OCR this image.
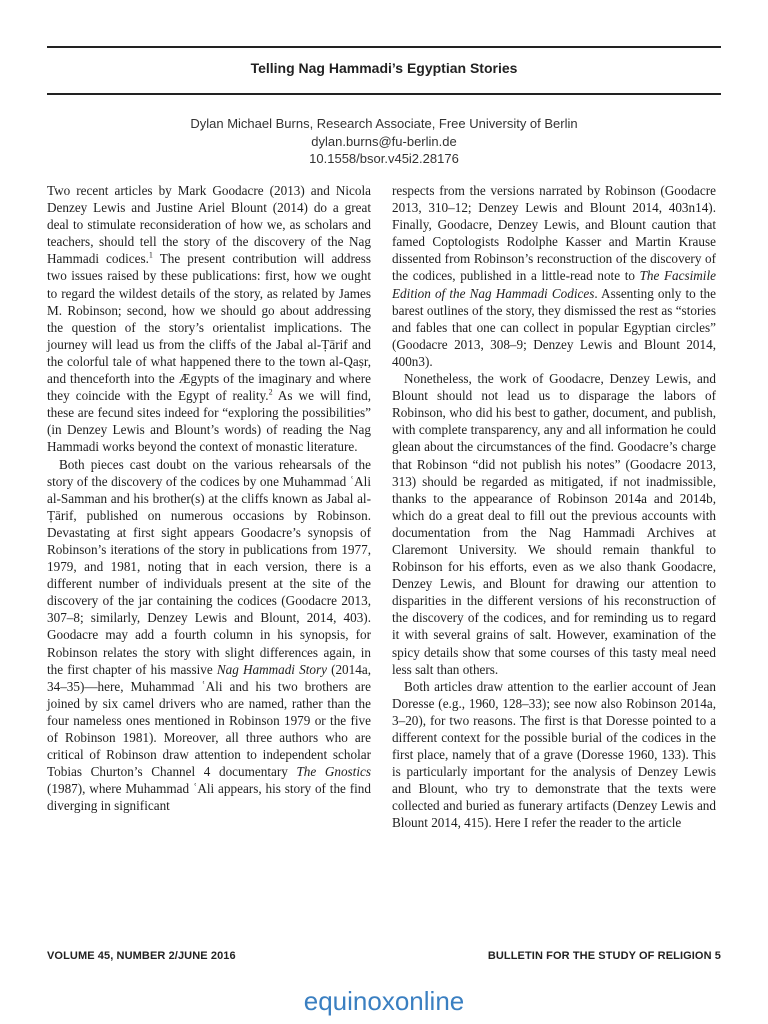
Telling Nag Hammadi’s Egyptian Stories
Dylan Michael Burns, Research Associate, Free University of Berlin
dylan.burns@fu-berlin.de
10.1558/bsor.v45i2.28176

Two recent articles by Mark Goodacre (2013) and Nicola Denzey Lewis and Justine Ariel Blount (2014) do a great deal to stimulate reconsideration of how we, as scholars and teachers, should tell the story of the discovery of the Nag Hammadi codices.$^1$ The present contribution will address two issues raised by these publications: first, how we ought to regard the wildest details of the story, as related by James M. Robinson; second, how we should go about addressing the question of the story’s orientalist implications. The journey will lead us from the cliffs of the Jabal al-Ṭārif and the colorful tale of what happened there to the town al-Qaṣr, and thenceforth into the Ægypts of the imaginary and where they coincide with the Egypt of reality.$^2$ As we will find, these are fecund sites indeed for “exploring the possibilities” (in Denzey Lewis and Blount’s words) of reading the Nag Hammadi works beyond the context of monastic literature.

Both pieces cast doubt on the various rehearsals of the story of the discovery of the codices by one Muhammad ʿAli al-Samman and his brother(s) at the cliffs known as Jabal al-Ṭārif, published on numerous occasions by Robinson. Devastating at first sight appears Goodacre’s synopsis of Robinson’s iterations of the story in publications from 1977, 1979, and 1981, noting that in each version, there is a different number of individuals present at the site of the discovery of the jar containing the codices (Goodacre 2013, 307–8; similarly, Denzey Lewis and Blount, 2014, 403). Goodacre may add a fourth column in his synopsis, for Robinson relates the story with slight differences again, in the first chapter of his massive Nag Hammadi Story (2014a, 34–35)—here, Muhammad ʿAli and his two brothers are joined by six camel drivers who are named, rather than the four nameless ones mentioned in Robinson 1979 or the five of Robinson 1981). Moreover, all three authors who are critical of Robinson draw attention to independent scholar Tobias Churton’s Channel 4 documentary The Gnostics (1987), where Muhammad ʿAli appears, his story of the find diverging in significant

respects from the versions narrated by Robinson (Goodacre 2013, 310–12; Denzey Lewis and Blount 2014, 403n14). Finally, Goodacre, Denzey Lewis, and Blount caution that famed Coptologists Rodolphe Kasser and Martin Krause dissented from Robinson’s reconstruction of the discovery of the codices, published in a little-read note to The Facsimile Edition of the Nag Hammadi Codices. Assenting only to the barest outlines of the story, they dismissed the rest as “stories and fables that one can collect in popular Egyptian circles” (Goodacre 2013, 308–9; Denzey Lewis and Blount 2014, 400n3).

Nonetheless, the work of Goodacre, Denzey Lewis, and Blount should not lead us to disparage the labors of Robinson, who did his best to gather, document, and publish, with complete transparency, any and all information he could glean about the circumstances of the find. Goodacre’s charge that Robinson “did not publish his notes” (Goodacre 2013, 313) should be regarded as mitigated, if not inadmissible, thanks to the appearance of Robinson 2014a and 2014b, which do a great deal to fill out the previous accounts with documentation from the Nag Hammadi Archives at Claremont University. We should remain thankful to Robinson for his efforts, even as we also thank Goodacre, Denzey Lewis, and Blount for drawing our attention to disparities in the different versions of his reconstruction of the discovery of the codices, and for reminding us to regard it with several grains of salt. However, examination of the spicy details show that some courses of this tasty meal need less salt than others.

Both articles draw attention to the earlier account of Jean Doresse (e.g., 1960, 128–33); see now also Robinson 2014a, 3–20), for two reasons. The first is that Doresse pointed to a different context for the possible burial of the codices in the first place, namely that of a grave (Doresse 1960, 133). This is particularly important for the analysis of Denzey Lewis and Blount, who try to demonstrate that the texts were collected and buried as funerary artifacts (Denzey Lewis and Blount 2014, 415). Here I refer the reader to the article

VOLUME 45, NUMBER 2/JUNE 2016	BULLETIN FOR THE STUDY OF RELIGION 5
equinoxonline
